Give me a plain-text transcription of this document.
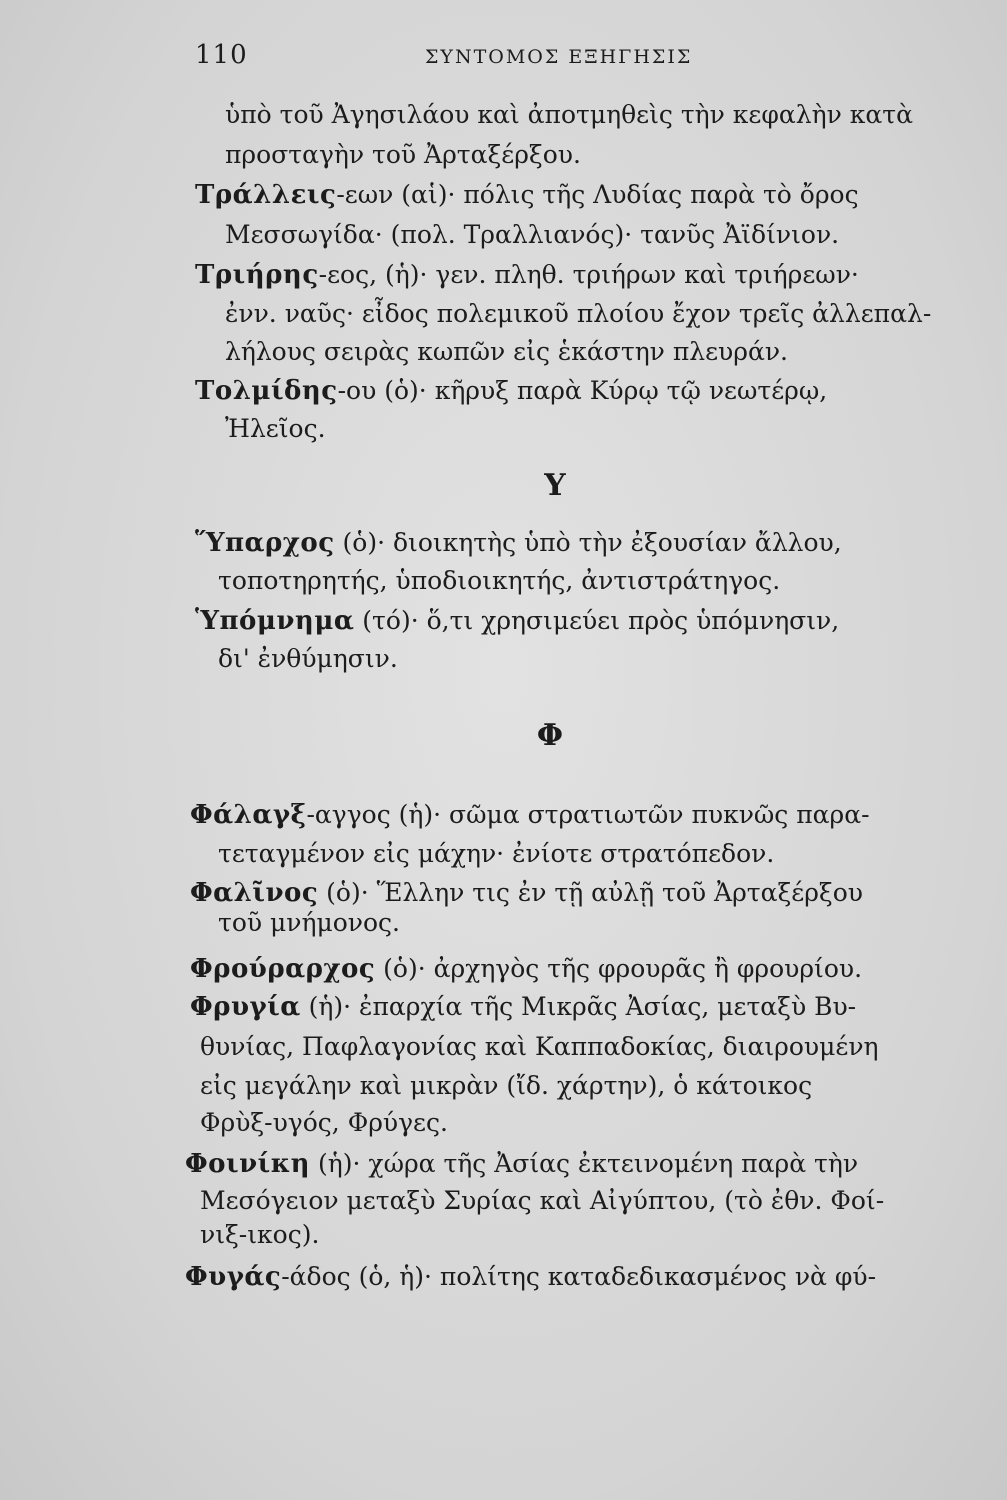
110	ΣΥΝΤΟΜΟΣ ΕΞΗΓΗΣΙΣ
ὑπὸ τοῦ Ἀγησιλάου καὶ ἀποτμηθεὶς τὴν κεφαλὴν κατὰ
προσταγὴν τοῦ Ἀρταξέρξου.
Τράλλεις-εων (αἱ)· πόλις τῆς Λυδίας παρὰ τὸ ὄρος
Μεσσωγίδα· (πολ. Τραλλιανός)· τανῦς Ἀϊδίνιον.
Τριήρης-εος, (ἡ)· γεν. πληθ. τριήρων καὶ τριήρεων·
ἐνν. ναῦς· εἶδος πολεμικοῦ πλοίου ἔχον τρεῖς ἀλλεπαλ-
λήλους σειρὰς κωπῶν εἰς ἑκάστην πλευράν.
Τολμίδης-ου (ὁ)· κῆρυξ παρὰ Κύρῳ τῷ νεωτέρῳ,
Ἠλεῖος.
Υ
Ὕπαρχος (ὁ)· διοικητὴς ὑπὸ τὴν ἐξουσίαν ἄλλου,
τοποτηρητής, ὑποδιοικητής, ἀντιστράτηγος.
Ὑπόμνημα (τό)· ὅ,τι χρησιμεύει πρὸς ὑπόμνησιν,
δι' ἐνθύμησιν.
Φ
Φάλαγξ-αγγος (ἡ)· σῶμα στρατιωτῶν πυκνῶς παρα-
τεταγμένον εἰς μάχην· ἐνίοτε στρατόπεδον.
Φαλῖνος (ὁ)· Ἕλλην τις ἐν τῇ αὐλῇ τοῦ Ἀρταξέρξου
τοῦ μνήμονος.
Φρούραρχος (ὁ)· ἀρχηγὸς τῆς φρουρᾶς ἢ φρουρίου.
Φρυγία (ἡ)· ἐπαρχία τῆς Μικρᾶς Ἀσίας, μεταξὺ Βυ-
θυνίας, Παφλαγονίας καὶ Καππαδοκίας, διαιρουμένη
εἰς μεγάλην καὶ μικρὰν (ἴδ. χάρτην), ὁ κάτοικος
Φρὺξ-υγός, Φρύγες.
Φοινίκη (ἡ)· χώρα τῆς Ἀσίας ἐκτεινομένη παρὰ τὴν
Μεσόγειον μεταξὺ Συρίας καὶ Αἰγύπτου, (τὸ ἐθν. Φοί-
νιξ-ικος).
Φυγάς-άδος (ὁ, ἡ)· πολίτης καταδεδικασμένος νὰ φύ-
